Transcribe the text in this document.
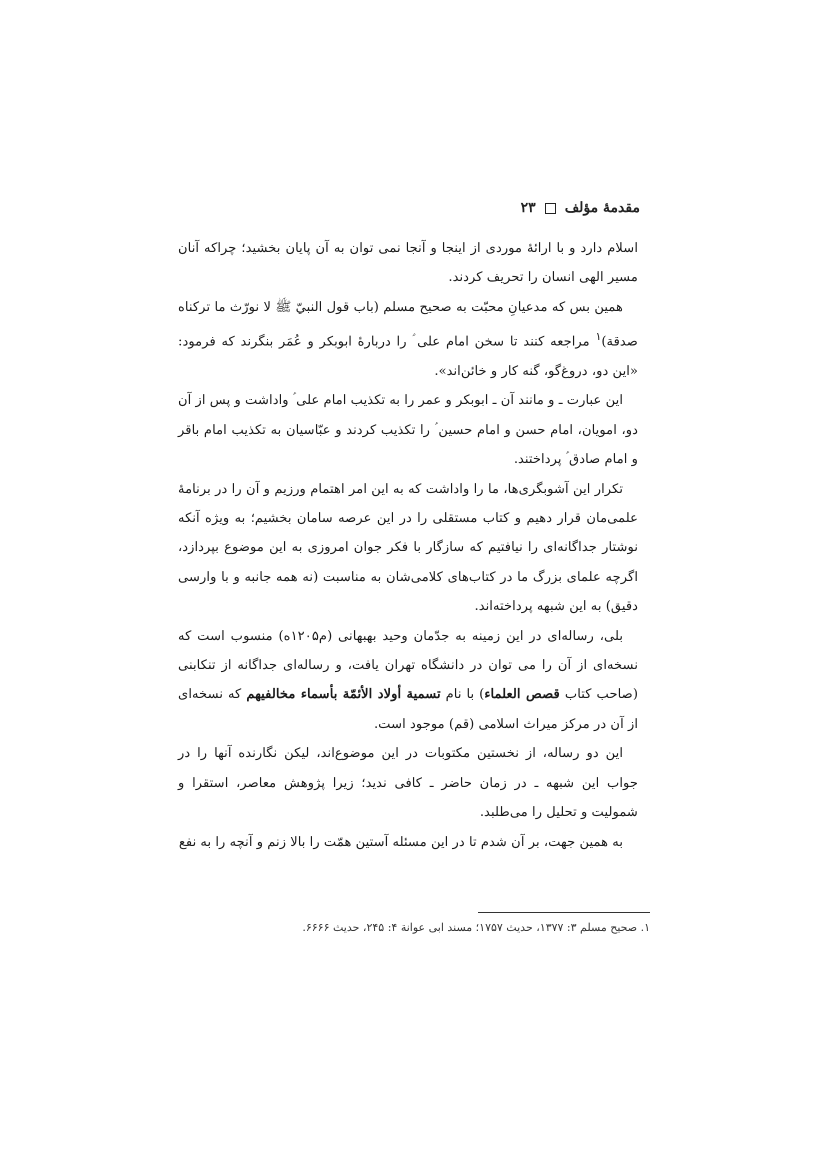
مقدمهٔ مؤلف
۲۳

اسلام دارد و با ارائهٔ موردی از اینجا و آنجا نمی توان به آن پایان بخشید؛ چراکه آنان مسیر الهی انسان را تحریف کردند.

همین بس که مدعیانِ محبّت به صحیح مسلم (باب قول النبيّ ﷺ لا نورّث ما ترکناه صدقة)$^۱$ مراجعه کنند تا سخن امام علی ؑ را دربارهٔ ابوبکر و عُمَر بنگرند که فرمود: «این دو، دروغ‌گو، گنه کار و خائن‌اند».

این عبارت ـ و مانند آن ـ ابوبکر و عمر را به تکذیب امام علی ؑ واداشت و پس از آن دو، امویان، امام حسن و امام حسین ؑ را تکذیب کردند و عبّاسیان به تکذیب امام باقر و امام صادق ؑ پرداختند.

تکرار این آشوبگری‌ها، ما را واداشت که به این امر اهتمام ورزیم و آن را در برنامهٔ علمی‌مان قرار دهیم و کتاب مستقلی را در این عرصه سامان بخشیم؛ به ویژه آنکه نوشتار جداگانه‌ای را نیافتیم که سازگار با فکر جوان امروزی به این موضوع بپردازد، اگرچه علمای بزرگ ما در کتاب‌های کلامی‌شان به مناسبت (نه همه جانبه و با وارسی دقیق) به این شبهه پرداخته‌اند.

بلی، رساله‌ای در این زمینه به جدّمان وحید بهبهانی (م۱۲۰۵ه) منسوب است که نسخه‌ای از آن را می توان در دانشگاه تهران یافت، و رساله‌ای جداگانه از تنکابنی (صاحب کتاب قصص العلماء) با نام تسمیة أولاد الأئمّة بأسماء مخالفیهم که نسخه‌ای از آن در مرکز میراث اسلامی (قم) موجود است.

این دو رساله، از نخستین مکتوبات در این موضوع‌اند، لیکن نگارنده آنها را در جواب این شبهه ـ در زمان حاضر ـ کافی ندید؛ زیرا پژوهش معاصر، استقرا و شمولیت و تحلیل را می‌طلبد.

به همین جهت، بر آن شدم تا در این مسئله آستین همّت را بالا زنم و آنچه را به نفع

۱. صحیح مسلم ۳: ۱۳۷۷، حدیث ۱۷۵۷؛ مسند ابی عوانة ۴: ۲۴۵، حدیث ۶۶۶۶.
